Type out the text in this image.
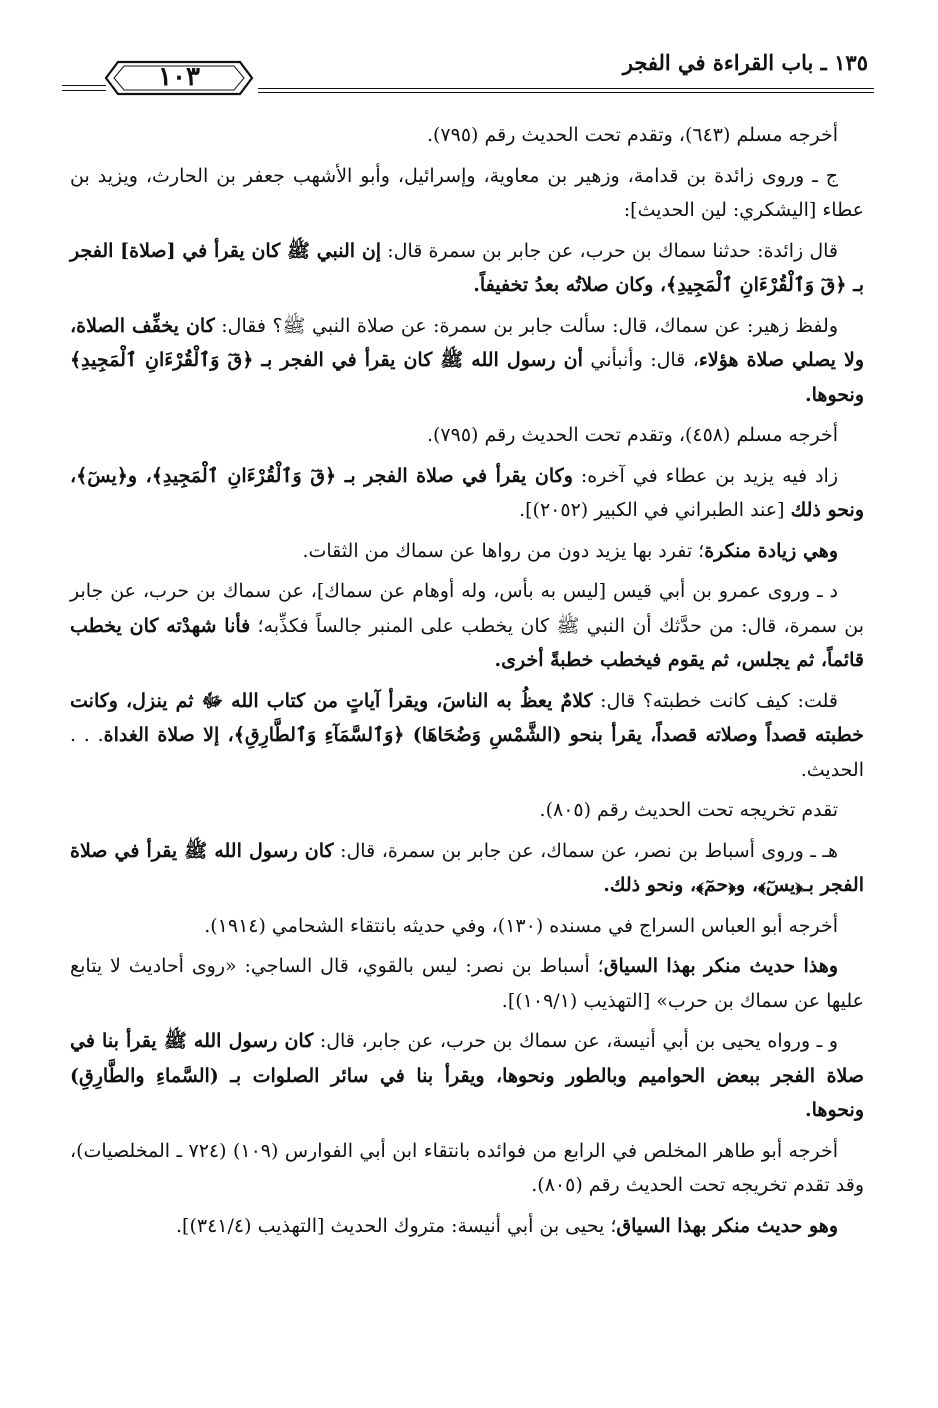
١٣٥ ـ باب القراءة في الفجر
١٠٣

أخرجه مسلم (٦٤٣)، وتقدم تحت الحديث رقم (٧٩٥).

ج ـ وروى زائدة بن قدامة، وزهير بن معاوية، وإسرائيل، وأبو الأشهب جعفر بن الحارث، ويزيد بن عطاء [اليشكري: لين الحديث]:

قال زائدة: حدثنا سماك بن حرب، عن جابر بن سمرة قال: إن النبي ﷺ كان يقرأ في [صلاة] الفجر بـ ﴿قٓ وَٱلْقُرْءَانِ ٱلْمَجِيدِ﴾، وكان صلاتُه بعدُ تخفيفاً.

ولفظ زهير: عن سماك، قال: سألت جابر بن سمرة: عن صلاة النبي ﷺ؟ فقال: كان يخفِّف الصلاة، ولا يصلي صلاة هؤلاء، قال: وأنبأني أن رسول الله ﷺ كان يقرأ في الفجر بـ ﴿قٓ وَٱلْقُرْءَانِ ٱلْمَجِيدِ﴾ ونحوها.

أخرجه مسلم (٤٥٨)، وتقدم تحت الحديث رقم (٧٩٥).

زاد فيه يزيد بن عطاء في آخره: وكان يقرأ في صلاة الفجر بـ ﴿قٓ وَٱلْقُرْءَانِ ٱلْمَجِيدِ﴾، و﴿يسٓ﴾، ونحو ذلك [عند الطبراني في الكبير (٢٠٥٢)].

وهي زيادة منكرة؛ تفرد بها يزيد دون من رواها عن سماك من الثقات.

د ـ وروى عمرو بن أبي قيس [ليس به بأس، وله أوهام عن سماك]، عن سماك بن حرب، عن جابر بن سمرة، قال: من حدَّثك أن النبي ﷺ كان يخطب على المنبر جالساً فكذِّبه؛ فأنا شهدْته كان يخطب قائماً، ثم يجلس، ثم يقوم فيخطب خطبةً أخرى.

قلت: كيف كانت خطبته؟ قال: كلامٌ يعظُ به الناسَ، ويقرأ آياتٍ من كتاب الله ﷻ ثم ينزل، وكانت خطبته قصداً وصلاته قصداً، يقرأ بنحو (الشَّمْسِ وَضُحَاهَا) ﴿وَٱلسَّمَآءِ وَٱلطَّارِقِ﴾، إلا صلاة الغداة. . . الحديث.

تقدم تخريجه تحت الحديث رقم (٨٠٥).

هـ ـ وروى أسباط بن نصر، عن سماك، عن جابر بن سمرة، قال: كان رسول الله ﷺ يقرأ في صلاة الفجر بـ﴿يسٓ﴾، و﴿حمٓ﴾، ونحو ذلك.

أخرجه أبو العباس السراج في مسنده (١٣٠)، وفي حديثه بانتقاء الشحامي (١٩١٤).

وهذا حديث منكر بهذا السياق؛ أسباط بن نصر: ليس بالقوي، قال الساجي: «روى أحاديث لا يتابع عليها عن سماك بن حرب» [التهذيب (١٠٩/١)].

و ـ ورواه يحيى بن أبي أنيسة، عن سماك بن حرب، عن جابر، قال: كان رسول الله ﷺ يقرأ بنا في صلاة الفجر ببعض الحواميم وبالطور ونحوها، ويقرأ بنا في سائر الصلوات بـ (السَّماءِ والطَّارِقِ) ونحوها.

أخرجه أبو طاهر المخلص في الرابع من فوائده بانتقاء ابن أبي الفوارس (١٠٩) (٧٢٤ ـ المخلصيات)، وقد تقدم تخريجه تحت الحديث رقم (٨٠٥).

وهو حديث منكر بهذا السياق؛ يحيى بن أبي أنيسة: متروك الحديث [التهذيب (٣٤١/٤)].
